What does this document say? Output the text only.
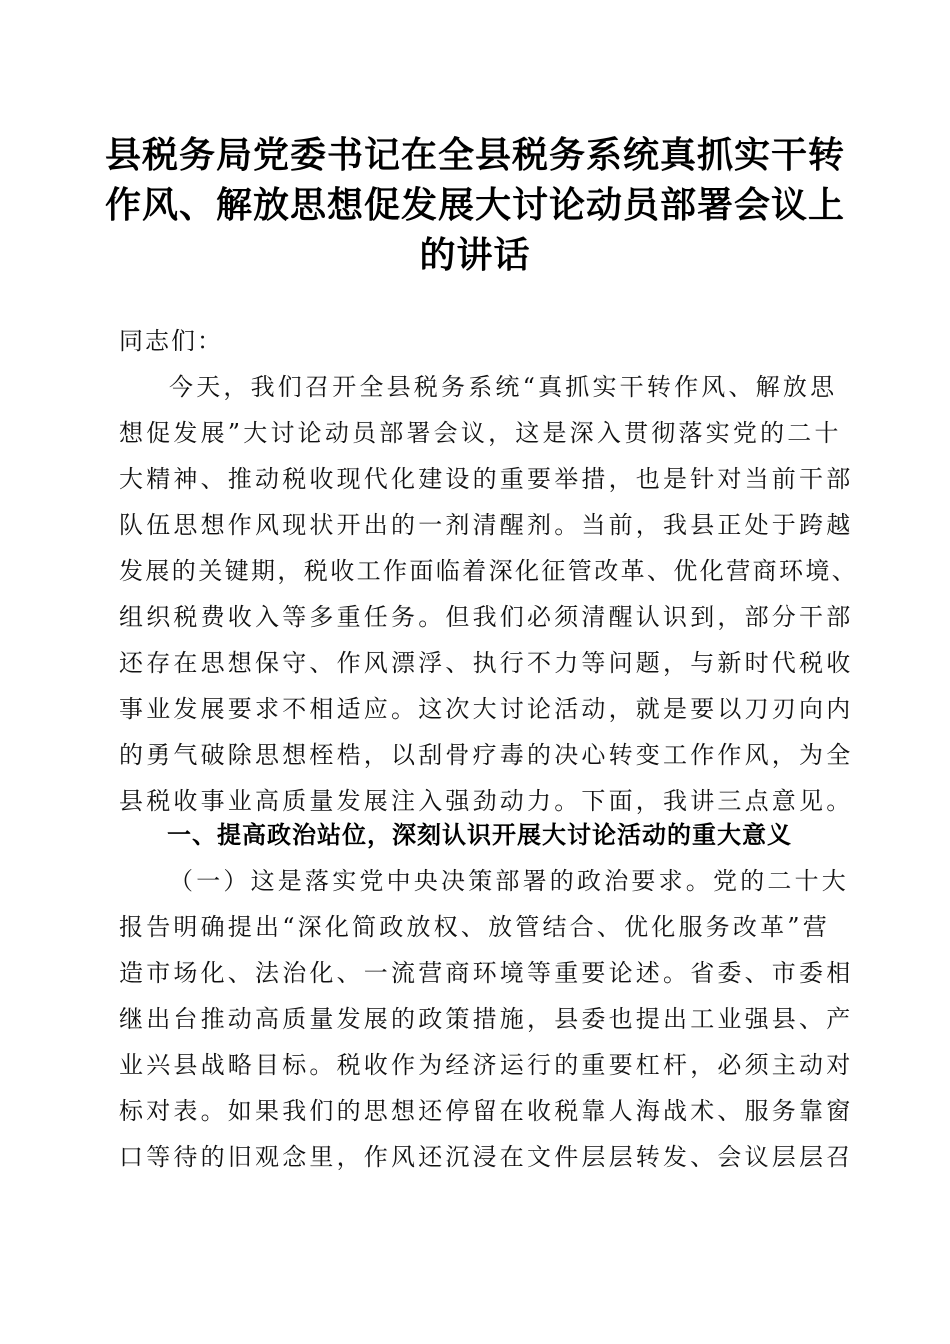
县税务局党委书记在全县税务系统真抓实干转
作风、解放思想促发展大讨论动员部署会议上
的讲话
同志们：
今天，我们召开全县税务系统“真抓实干转作风、解放思
想促发展”大讨论动员部署会议，这是深入贯彻落实党的二十
大精神、推动税收现代化建设的重要举措，也是针对当前干部
队伍思想作风现状开出的一剂清醒剂。当前，我县正处于跨越
发展的关键期，税收工作面临着深化征管改革、优化营商环境、
组织税费收入等多重任务。但我们必须清醒认识到，部分干部
还存在思想保守、作风漂浮、执行不力等问题，与新时代税收
事业发展要求不相适应。这次大讨论活动，就是要以刀刃向内
的勇气破除思想桎梏，以刮骨疗毒的决心转变工作作风，为全
县税收事业高质量发展注入强劲动力。下面，我讲三点意见。
一、提高政治站位，深刻认识开展大讨论活动的重大意义
（一）这是落实党中央决策部署的政治要求。党的二十大
报告明确提出“深化简政放权、放管结合、优化服务改革”营
造市场化、法治化、一流营商环境等重要论述。省委、市委相
继出台推动高质量发展的政策措施，县委也提出工业强县、产
业兴县战略目标。税收作为经济运行的重要杠杆，必须主动对
标对表。如果我们的思想还停留在收税靠人海战术、服务靠窗
口等待的旧观念里，作风还沉浸在文件层层转发、会议层层召
